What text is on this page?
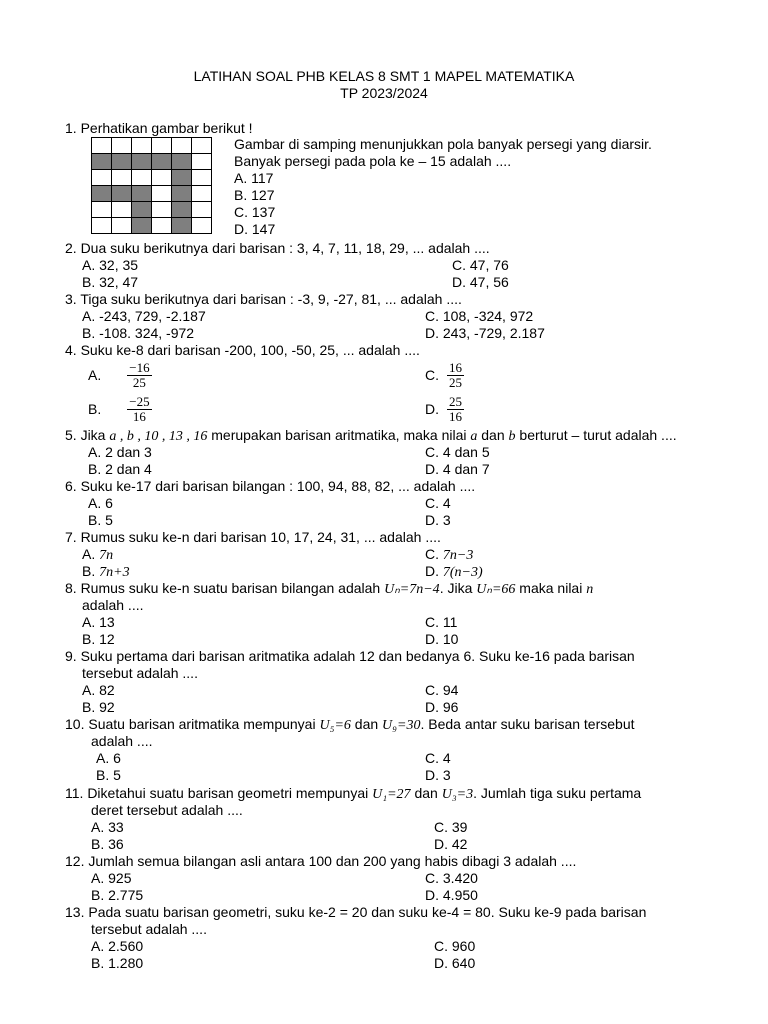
LATIHAN SOAL PHB KELAS 8 SMT 1 MAPEL MATEMATIKA
TP 2023/2024
1. Perhatikan gambar berikut !

Gambar di samping menunjukkan pola banyak persegi yang diarsir.
Banyak persegi pada pola ke – 15 adalah ....
A. 117
B. 127
C. 137
D. 147
2. Dua suku berikutnya dari barisan : 3, 4, 7, 11, 18, 29, ... adalah ....
A. 32, 35	C. 47, 76
B. 32, 47	D. 47, 56
3. Tiga suku berikutnya dari barisan : -3, 9, -27, 81, ... adalah ....
A. -243, 729, -2.187	C. 108, -324, 972
B. -108. 324, -972	D. 243, -729, 2.187
4. Suku ke-8 dari barisan -200, 100, -50, 25, ... adalah ....
A. $\frac{-16}{25}$	C. $\frac{16}{25}$
B. $\frac{-25}{16}$	D. $\frac{25}{16}$
5. Jika a , b , 10 , 13 , 16 merupakan barisan aritmatika, maka nilai a dan b berturut – turut adalah ....
A. 2 dan 3	C. 4 dan 5
B. 2 dan 4	D. 4 dan 7
6. Suku ke-17 dari barisan bilangan : 100, 94, 88, 82, ... adalah ....
A. 6	C. 4
B. 5	D. 3
7. Rumus suku ke-n dari barisan 10, 17, 24, 31, ... adalah ....
A. 7n	C. 7n−3
B. 7n+3	D. 7(n−3)
8. Rumus suku ke-n suatu barisan bilangan adalah Uₙ=7n−4. Jika Uₙ=66 maka nilai n
adalah ....
A. 13	C. 11
B. 12	D. 10
9. Suku pertama dari barisan aritmatika adalah 12 dan bedanya 6. Suku ke-16 pada barisan
tersebut adalah ....
A. 82	C. 94
B. 92	D. 96
10. Suatu barisan aritmatika mempunyai U₅=6 dan U₉=30. Beda antar suku barisan tersebut
adalah ....
A. 6	C. 4
B. 5	D. 3
11. Diketahui suatu barisan geometri mempunyai U₁=27 dan U₃=3. Jumlah tiga suku pertama
deret tersebut adalah ....
A. 33	C. 39
B. 36	D. 42
12. Jumlah semua bilangan asli antara 100 dan 200 yang habis dibagi 3 adalah ....
A. 925	C. 3.420
B. 2.775	D. 4.950
13. Pada suatu barisan geometri, suku ke-2 = 20 dan suku ke-4 = 80. Suku ke-9 pada barisan
tersebut adalah ....
A. 2.560	C. 960
B. 1.280	D. 640
